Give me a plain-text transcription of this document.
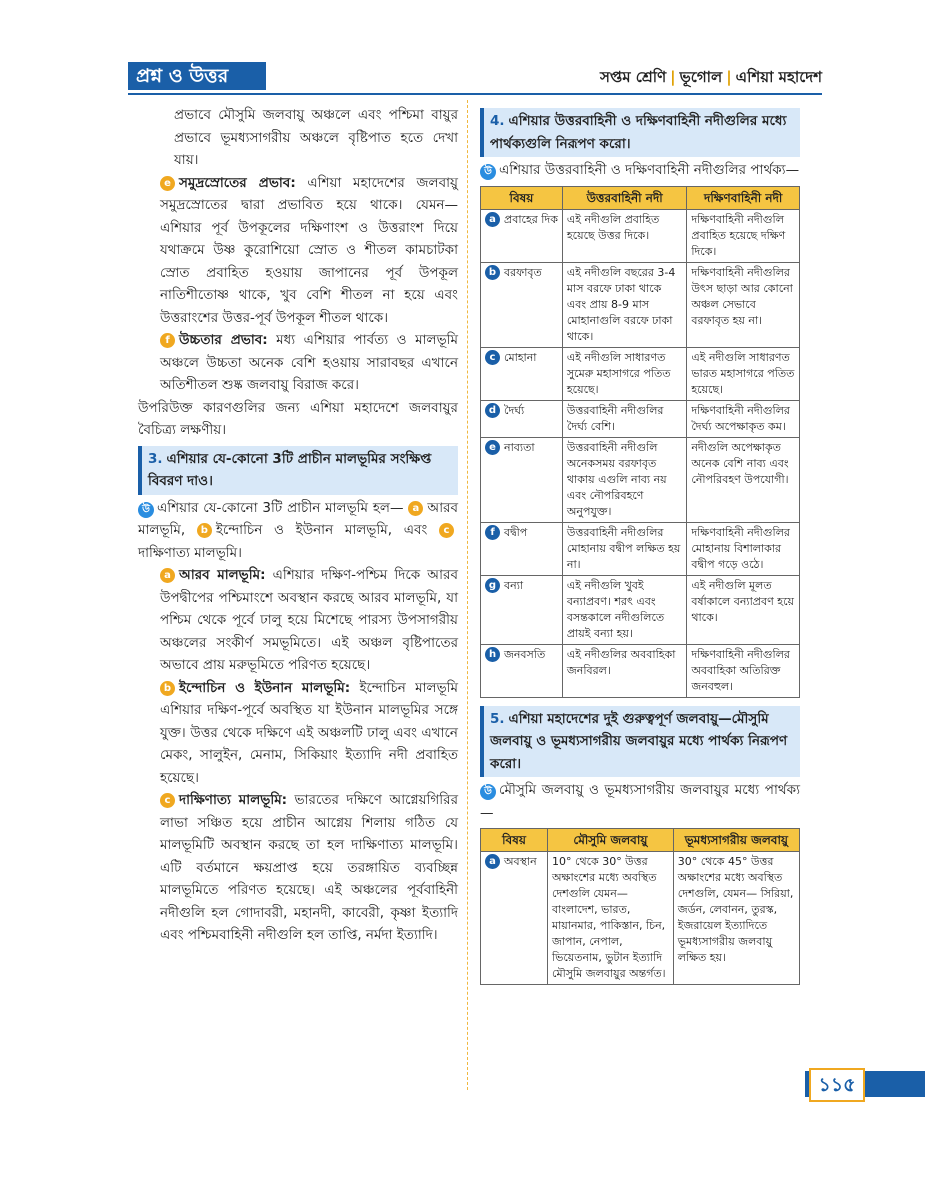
প্রশ্ন ও উত্তর	সপ্তম শ্রেণি | ভূগোল | এশিয়া মহাদেশ

প্রভাবে মৌসুমি জলবায়ু অঞ্চলে এবং পশ্চিমা বায়ুর প্রভাবে ভূমধ্যসাগরীয় অঞ্চলে বৃষ্টিপাত হতে দেখা যায়।

e সমুদ্রস্রোতের প্রভাব: এশিয়া মহাদেশের জলবায়ু সমুদ্রস্রোতের দ্বারা প্রভাবিত হয়ে থাকে। যেমন— এশিয়ার পূর্ব উপকূলের দক্ষিণাংশ ও উত্তরাংশ দিয়ে যথাক্রমে উষ্ণ কুরোশিয়ো স্রোত ও শীতল কামচাটকা স্রোত প্রবাহিত হওয়ায় জাপানের পূর্ব উপকূল নাতিশীতোষ্ণ থাকে, খুব বেশি শীতল না হয়ে এবং উত্তরাংশের উত্তর-পূর্ব উপকূল শীতল থাকে।

f উচ্চতার প্রভাব: মধ্য এশিয়ার পার্বত্য ও মালভূমি অঞ্চলে উচ্চতা অনেক বেশি হওয়ায় সারাবছর এখানে অতিশীতল শুষ্ক জলবায়ু বিরাজ করে।

উপরিউক্ত কারণগুলির জন্য এশিয়া মহাদেশে জলবায়ুর বৈচিত্র্য লক্ষণীয়।

3. এশিয়ার যে-কোনো 3টি প্রাচীন মালভূমির সংক্ষিপ্ত বিবরণ দাও।

উ এশিয়ার যে-কোনো 3টি প্রাচীন মালভূমি হল— a আরব মালভূমি, b ইন্দোচিন ও ইউনান মালভূমি, এবং cদাক্ষিণাত্য মালভূমি।

a আরব মালভূমি: এশিয়ার দক্ষিণ-পশ্চিম দিকে আরব উপদ্বীপের পশ্চিমাংশে অবস্থান করছে আরব মালভূমি, যা পশ্চিম থেকে পূর্বে ঢালু হয়ে মিশেছে পারস্য উপসাগরীয় অঞ্চলের সংকীর্ণ সমভূমিতে। এই অঞ্চল বৃষ্টিপাতের অভাবে প্রায় মরুভূমিতে পরিণত হয়েছে।

b ইন্দোচিন ও ইউনান মালভূমি: ইন্দোচিন মালভূমি এশিয়ার দক্ষিণ-পূর্বে অবস্থিত যা ইউনান মালভূমির সঙ্গে যুক্ত। উত্তর থেকে দক্ষিণে এই অঞ্চলটি ঢালু এবং এখানে মেকং, সালুইন, মেনাম, সিকিয়াং ইত্যাদি নদী প্রবাহিত হয়েছে।

c দাক্ষিণাত্য মালভূমি: ভারতের দক্ষিণে আগ্নেয়গিরির লাভা সঞ্চিত হয়ে প্রাচীন আগ্নেয় শিলায় গঠিত যে মালভূমিটি অবস্থান করছে তা হল দাক্ষিণাত্য মালভূমি। এটি বর্তমানে ক্ষয়প্রাপ্ত হয়ে তরঙ্গায়িত ব্যবচ্ছিন্ন মালভূমিতে পরিণত হয়েছে। এই অঞ্চলের পূর্ববাহিনী নদীগুলি হল গোদাবরী, মহানদী, কাবেরী, কৃষ্ণা ইত্যাদি এবং পশ্চিমবাহিনী নদীগুলি হল তাপ্তি, নর্মদা ইত্যাদি।

4. এশিয়ার উত্তরবাহিনী ও দক্ষিণবাহিনী নদীগুলির মধ্যে পার্থক্যগুলি নিরূপণ করো।

উ এশিয়ার উত্তরবাহিনী ও দক্ষিণবাহিনী নদীগুলির পার্থক্য—

বিষয়	উত্তরবাহিনী নদী	দক্ষিণবাহিনী নদী
a প্রবাহের দিক	এই নদীগুলি প্রবাহিত হয়েছে উত্তর দিকে।	দক্ষিণবাহিনী নদীগুলি প্রবাহিত হয়েছে দক্ষিণ দিকে।
b বরফাবৃত	এই নদীগুলি বছরের 3-4 মাস বরফে ঢাকা থাকে এবং প্রায় 8-9 মাস মোহানাগুলি বরফে ঢাকা থাকে।	দক্ষিণবাহিনী নদীগুলির উৎস ছাড়া আর কোনো অঞ্চল সেভাবে বরফাবৃত হয় না।
c মোহানা	এই নদীগুলি সাধারণত সুমেরু মহাসাগরে পতিত হয়েছে।	এই নদীগুলি সাধারণত ভারত মহাসাগরে পতিত হয়েছে।
d দৈর্ঘ্য	উত্তরবাহিনী নদীগুলির দৈর্ঘ্য বেশি।	দক্ষিণবাহিনী নদীগুলির দৈর্ঘ্য অপেক্ষাকৃত কম।
e নাব্যতা	উত্তরবাহিনী নদীগুলি অনেকসময় বরফাবৃত থাকায় এগুলি নাব্য নয় এবং নৌপরিবহণে অনুপযুক্ত।	নদীগুলি অপেক্ষাকৃত অনেক বেশি নাব্য এবং নৌপরিবহণ উপযোগী।
f বদ্বীপ	উত্তরবাহিনী নদীগুলির মোহানায় বদ্বীপ লক্ষিত হয় না।	দক্ষিণবাহিনী নদীগুলির মোহানায় বিশালাকার বদ্বীপ গড়ে ওঠে।
g বন্যা	এই নদীগুলি খুবই বন্যাপ্রবণ। শরৎ এবং বসন্তকালে নদীগুলিতে প্রায়ই বন্যা হয়।	এই নদীগুলি মূলত বর্ষাকালে বন্যাপ্রবণ হয়ে থাকে।
h জনবসতি	এই নদীগুলির অববাহিকা জনবিরল।	দক্ষিণবাহিনী নদীগুলির অববাহিকা অতিরিক্ত জনবহুল।
5. এশিয়া মহাদেশের দুই গুরুত্বপূর্ণ জলবায়ু—মৌসুমি জলবায়ু ও ভূমধ্যসাগরীয় জলবায়ুর মধ্যে পার্থক্য নিরূপণ করো।

উ মৌসুমি জলবায়ু ও ভূমধ্যসাগরীয় জলবায়ুর মধ্যে পার্থক্য—

বিষয়	মৌসুমি জলবায়ু	ভূমধ্যসাগরীয় জলবায়ু
a অবস্থান	10° থেকে 30° উত্তর অক্ষাংশের মধ্যে অবস্থিত দেশগুলি যেমন— বাংলাদেশ, ভারত, মায়ানমার, পাকিস্তান, চিন, জাপান, নেপাল, ভিয়েতনাম, ভুটান ইত্যাদি মৌসুমি জলবায়ুর অন্তর্গত।	30° থেকে 45° উত্তর অক্ষাংশের মধ্যে অবস্থিত দেশগুলি, যেমন— সিরিয়া, জর্ডন, লেবানন, তুরস্ক, ইজরায়েল ইত্যাদিতে ভূমধ্যসাগরীয় জলবায়ু লক্ষিত হয়।
১১৫
